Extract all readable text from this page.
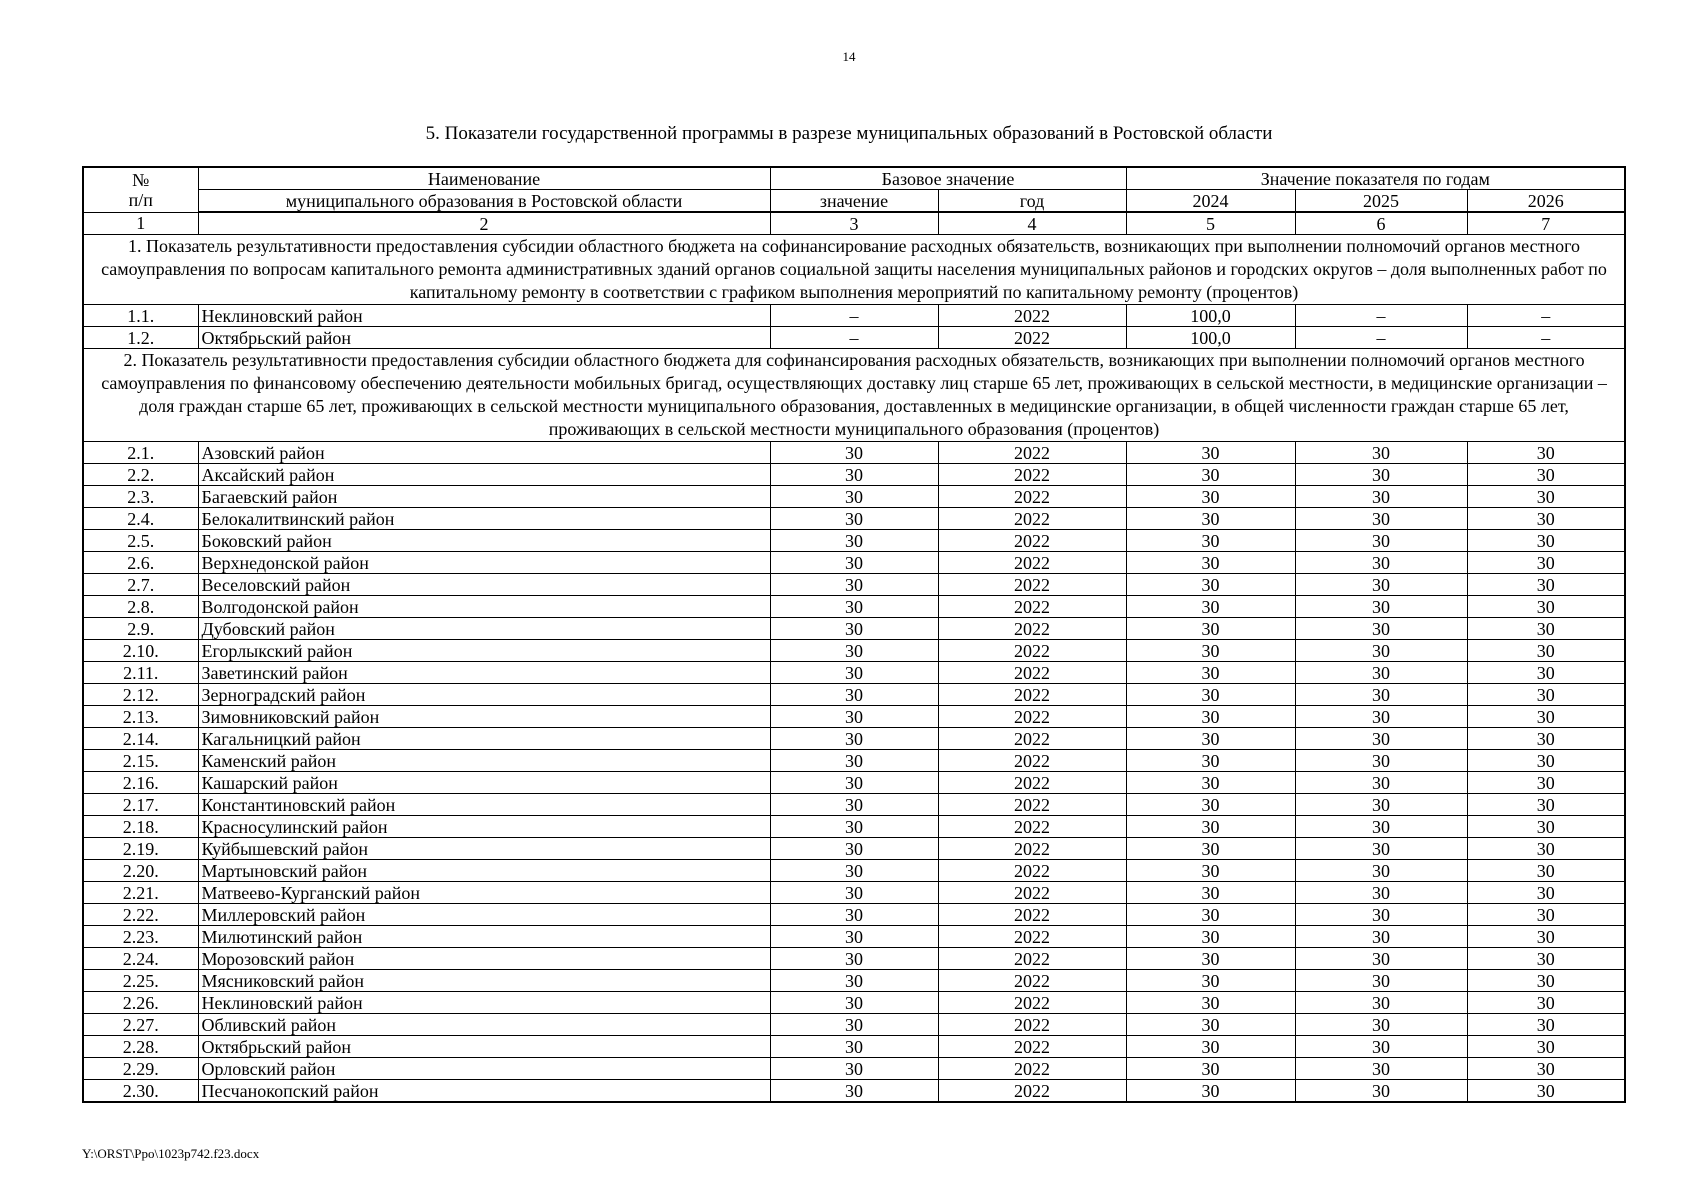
14
5. Показатели государственной программы в разрезе муниципальных образований в Ростовской области
№
п/п	Наименование	Базовое значение		Значение показателя по годам		
	муниципального образования в Ростовской области	значение	год	2024	2025	2026
1	2	3	4	5	6	7
1. Показатель результативности предоставления субсидии областного бюджета на софинансирование расходных обязательств, возникающих при выполнении полномочий органов местного самоуправления по вопросам капитального ремонта административных зданий органов социальной защиты населения муниципальных районов и городских округов – доля выполненных работ по капитальному ремонту в соответствии с графиком выполнения мероприятий по капитальному ремонту (процентов)						
1.1.	Неклиновский район	–	2022	100,0	–	–
1.2.	Октябрьский район	–	2022	100,0	–	–
2. Показатель результативности предоставления субсидии областного бюджета для софинансирования расходных обязательств, возникающих при выполнении полномочий органов местного самоуправления по финансовому обеспечению деятельности мобильных бригад, осуществляющих доставку лиц старше 65 лет, проживающих в сельской местности, в медицинские организации – доля граждан старше 65 лет, проживающих в сельской местности муниципального образования, доставленных в медицинские организации, в общей численности граждан старше 65 лет, проживающих в сельской местности муниципального образования (процентов)						
2.1.	Азовский район	30	2022	30	30	30
2.2.	Аксайский район	30	2022	30	30	30
2.3.	Багаевский район	30	2022	30	30	30
2.4.	Белокалитвинский район	30	2022	30	30	30
2.5.	Боковский район	30	2022	30	30	30
2.6.	Верхнедонской район	30	2022	30	30	30
2.7.	Веселовский район	30	2022	30	30	30
2.8.	Волгодонской район	30	2022	30	30	30
2.9.	Дубовский район	30	2022	30	30	30
2.10.	Егорлыкский район	30	2022	30	30	30
2.11.	Заветинский район	30	2022	30	30	30
2.12.	Зерноградский район	30	2022	30	30	30
2.13.	Зимовниковский район	30	2022	30	30	30
2.14.	Кагальницкий район	30	2022	30	30	30
2.15.	Каменский район	30	2022	30	30	30
2.16.	Кашарский район	30	2022	30	30	30
2.17.	Константиновский район	30	2022	30	30	30
2.18.	Красносулинский район	30	2022	30	30	30
2.19.	Куйбышевский район	30	2022	30	30	30
2.20.	Мартыновский район	30	2022	30	30	30
2.21.	Матвеево-Курганский район	30	2022	30	30	30
2.22.	Миллеровский район	30	2022	30	30	30
2.23.	Милютинский район	30	2022	30	30	30
2.24.	Морозовский район	30	2022	30	30	30
2.25.	Мясниковский район	30	2022	30	30	30
2.26.	Неклиновский район	30	2022	30	30	30
2.27.	Обливский район	30	2022	30	30	30
2.28.	Октябрьский район	30	2022	30	30	30
2.29.	Орловский район	30	2022	30	30	30
2.30.	Песчанокопский район	30	2022	30	30	30
Y:\ORST\Ppo\1023p742.f23.docx
